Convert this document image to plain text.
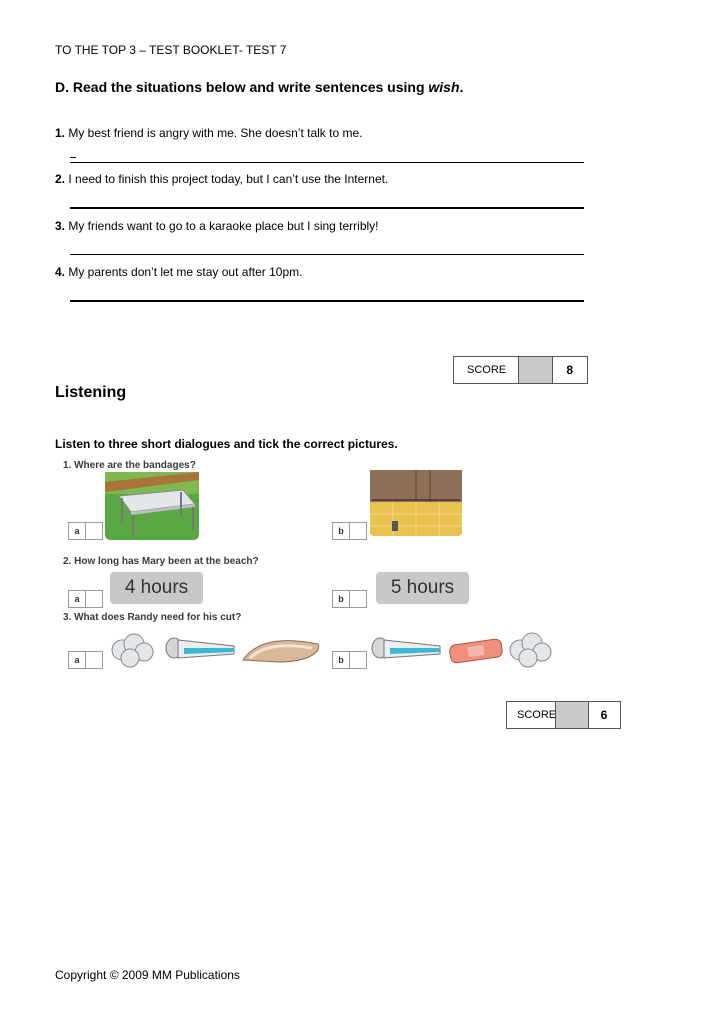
TO THE TOP 3 – TEST BOOKLET- TEST 7
D. Read the situations below and write sentences using wish.
1. My best friend is angry with me. She doesn’t talk to me.
2. I need to finish this project today, but I can’t use the Internet.
3. My friends want to go to a karaoke place but I sing terribly!
4. My parents don’t let me stay out after 10pm.
SCORE	8
Listening
Listen to three short dialogues and tick the correct pictures.
1. Where are the bandages?
a	b
2. How long has Mary been at the beach?
4 hours	5 hours
a	b
3. What does Randy need for his cut?
a	b
SCORE	6
Copyright © 2009 MM Publications
